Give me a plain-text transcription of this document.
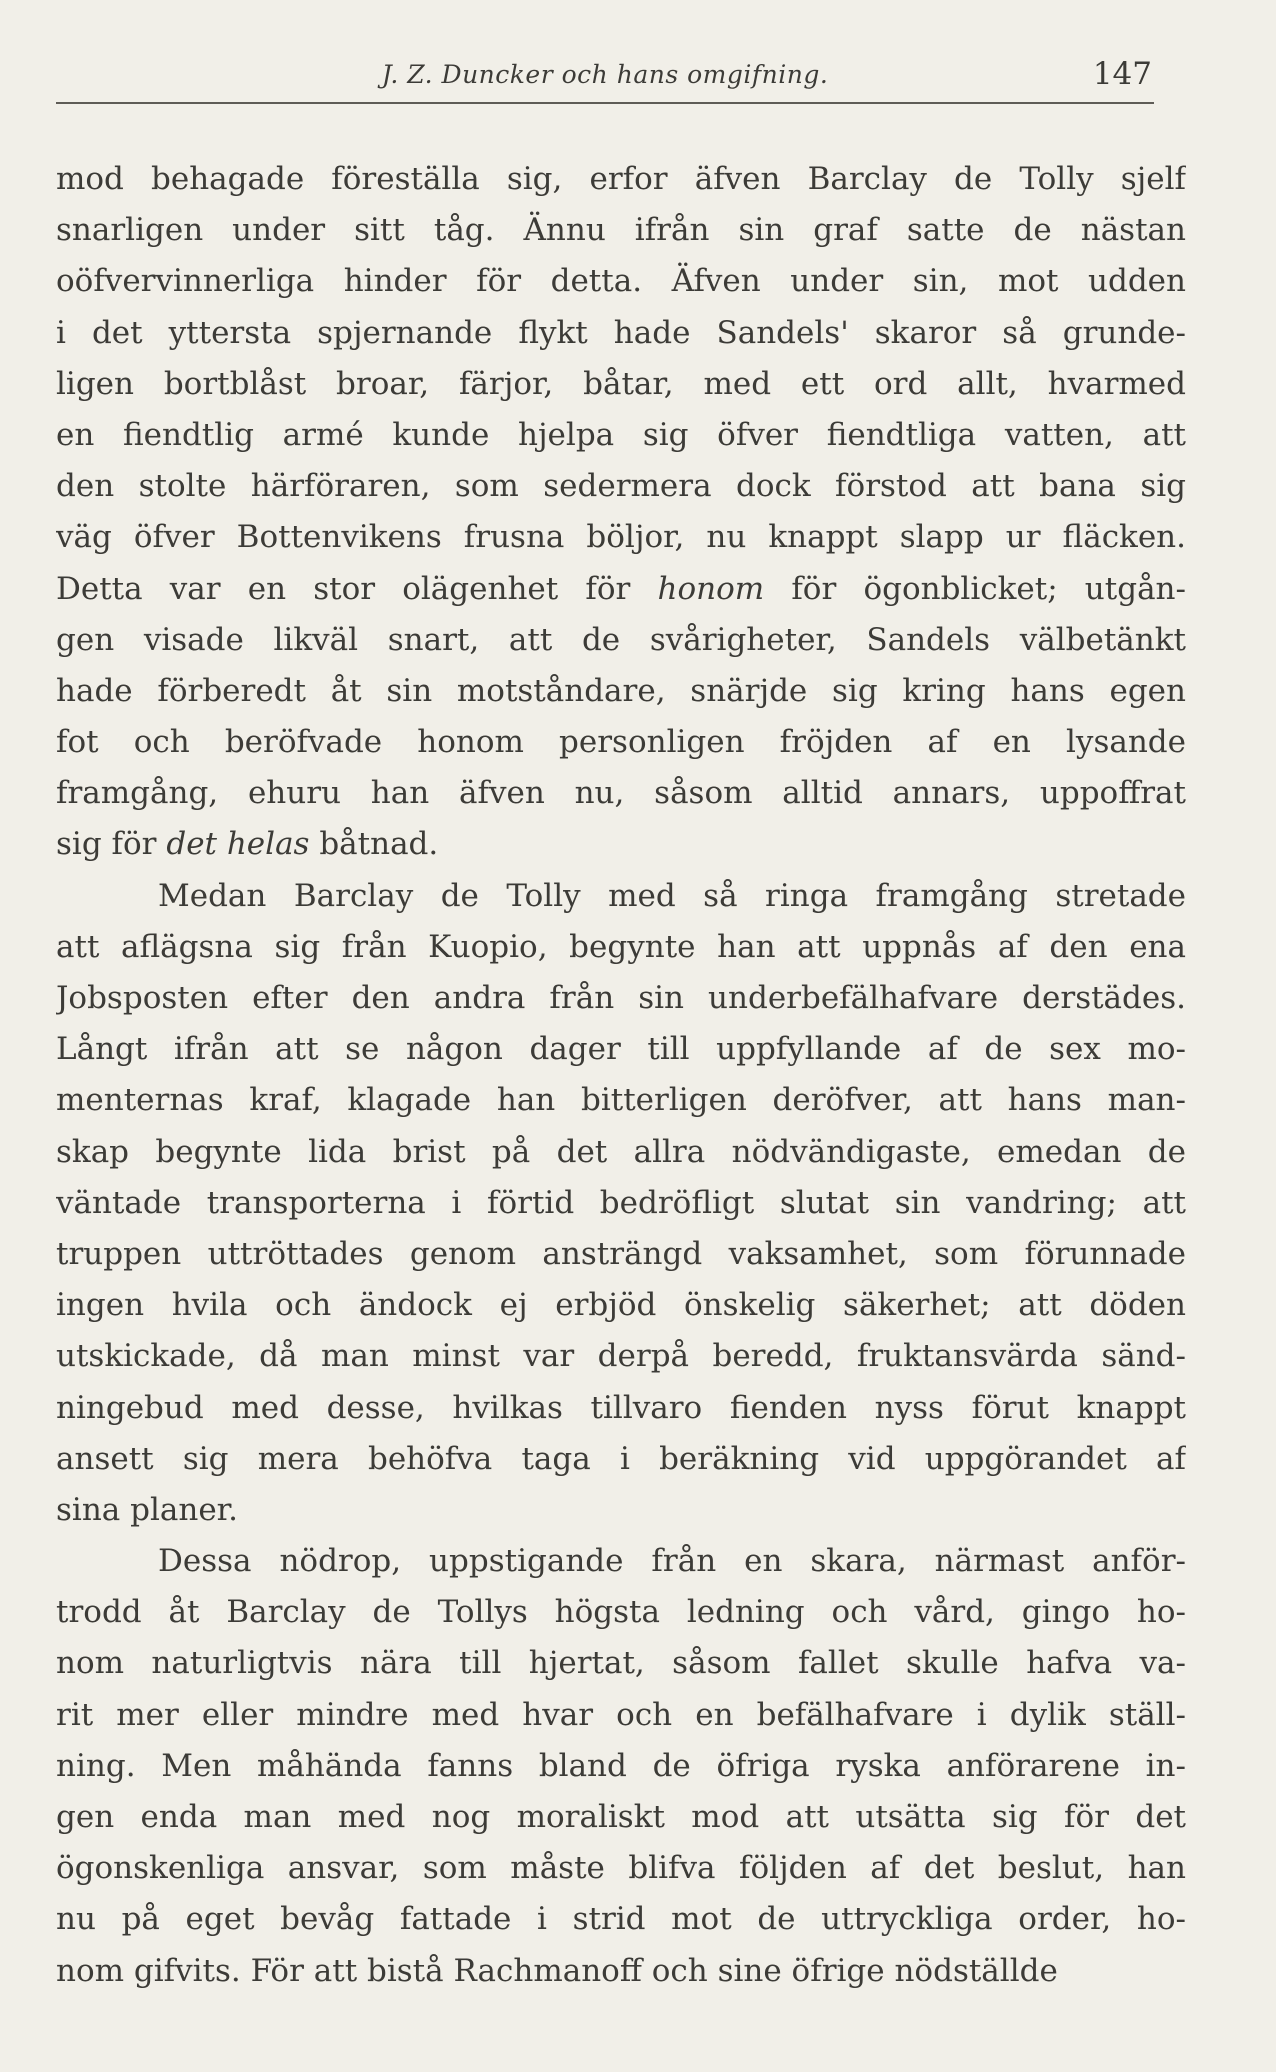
J. Z. Duncker och hans omgifning.	147
mod behagade föreställa sig, erfor äfven Barclay de Tolly sjelf
snarligen under sitt tåg. Ännu ifrån sin graf satte de nästan
oöfvervinnerliga hinder för detta. Äfven under sin, mot udden
i det yttersta spjernande flykt hade Sandels' skaror så grunde-
ligen bortblåst broar, färjor, båtar, med ett ord allt, hvarmed
en fiendtlig armé kunde hjelpa sig öfver fiendtliga vatten, att
den stolte härföraren, som sedermera dock förstod att bana sig
väg öfver Bottenvikens frusna böljor, nu knappt slapp ur fläcken.
Detta var en stor olägenhet för honom för ögonblicket; utgån-
gen visade likväl snart, att de svårigheter, Sandels välbetänkt
hade förberedt åt sin motståndare, snärjde sig kring hans egen
fot och beröfvade honom personligen fröjden af en lysande
framgång, ehuru han äfven nu, såsom alltid annars, uppoffrat
sig för det helas båtnad.
Medan Barclay de Tolly med så ringa framgång stretade
att aflägsna sig från Kuopio, begynte han att uppnås af den ena
Jobsposten efter den andra från sin underbefälhafvare derstädes.
Långt ifrån att se någon dager till uppfyllande af de sex mo-
menternas kraf, klagade han bitterligen deröfver, att hans man-
skap begynte lida brist på det allra nödvändigaste, emedan de
väntade transporterna i förtid bedröfligt slutat sin vandring; att
truppen uttröttades genom ansträngd vaksamhet, som förunnade
ingen hvila och ändock ej erbjöd önskelig säkerhet; att döden
utskickade, då man minst var derpå beredd, fruktansvärda sänd-
ningebud med desse, hvilkas tillvaro fienden nyss förut knappt
ansett sig mera behöfva taga i beräkning vid uppgörandet af
sina planer.
Dessa nödrop, uppstigande från en skara, närmast anför-
trodd åt Barclay de Tollys högsta ledning och vård, gingo ho-
nom naturligtvis nära till hjertat, såsom fallet skulle hafva va-
rit mer eller mindre med hvar och en befälhafvare i dylik ställ-
ning. Men måhända fanns bland de öfriga ryska anförarene in-
gen enda man med nog moraliskt mod att utsätta sig för det
ögonskenliga ansvar, som måste blifva följden af det beslut, han
nu på eget bevåg fattade i strid mot de uttryckliga order, ho-
nom gifvits. För att bistå Rachmanoff och sine öfrige nödställde
